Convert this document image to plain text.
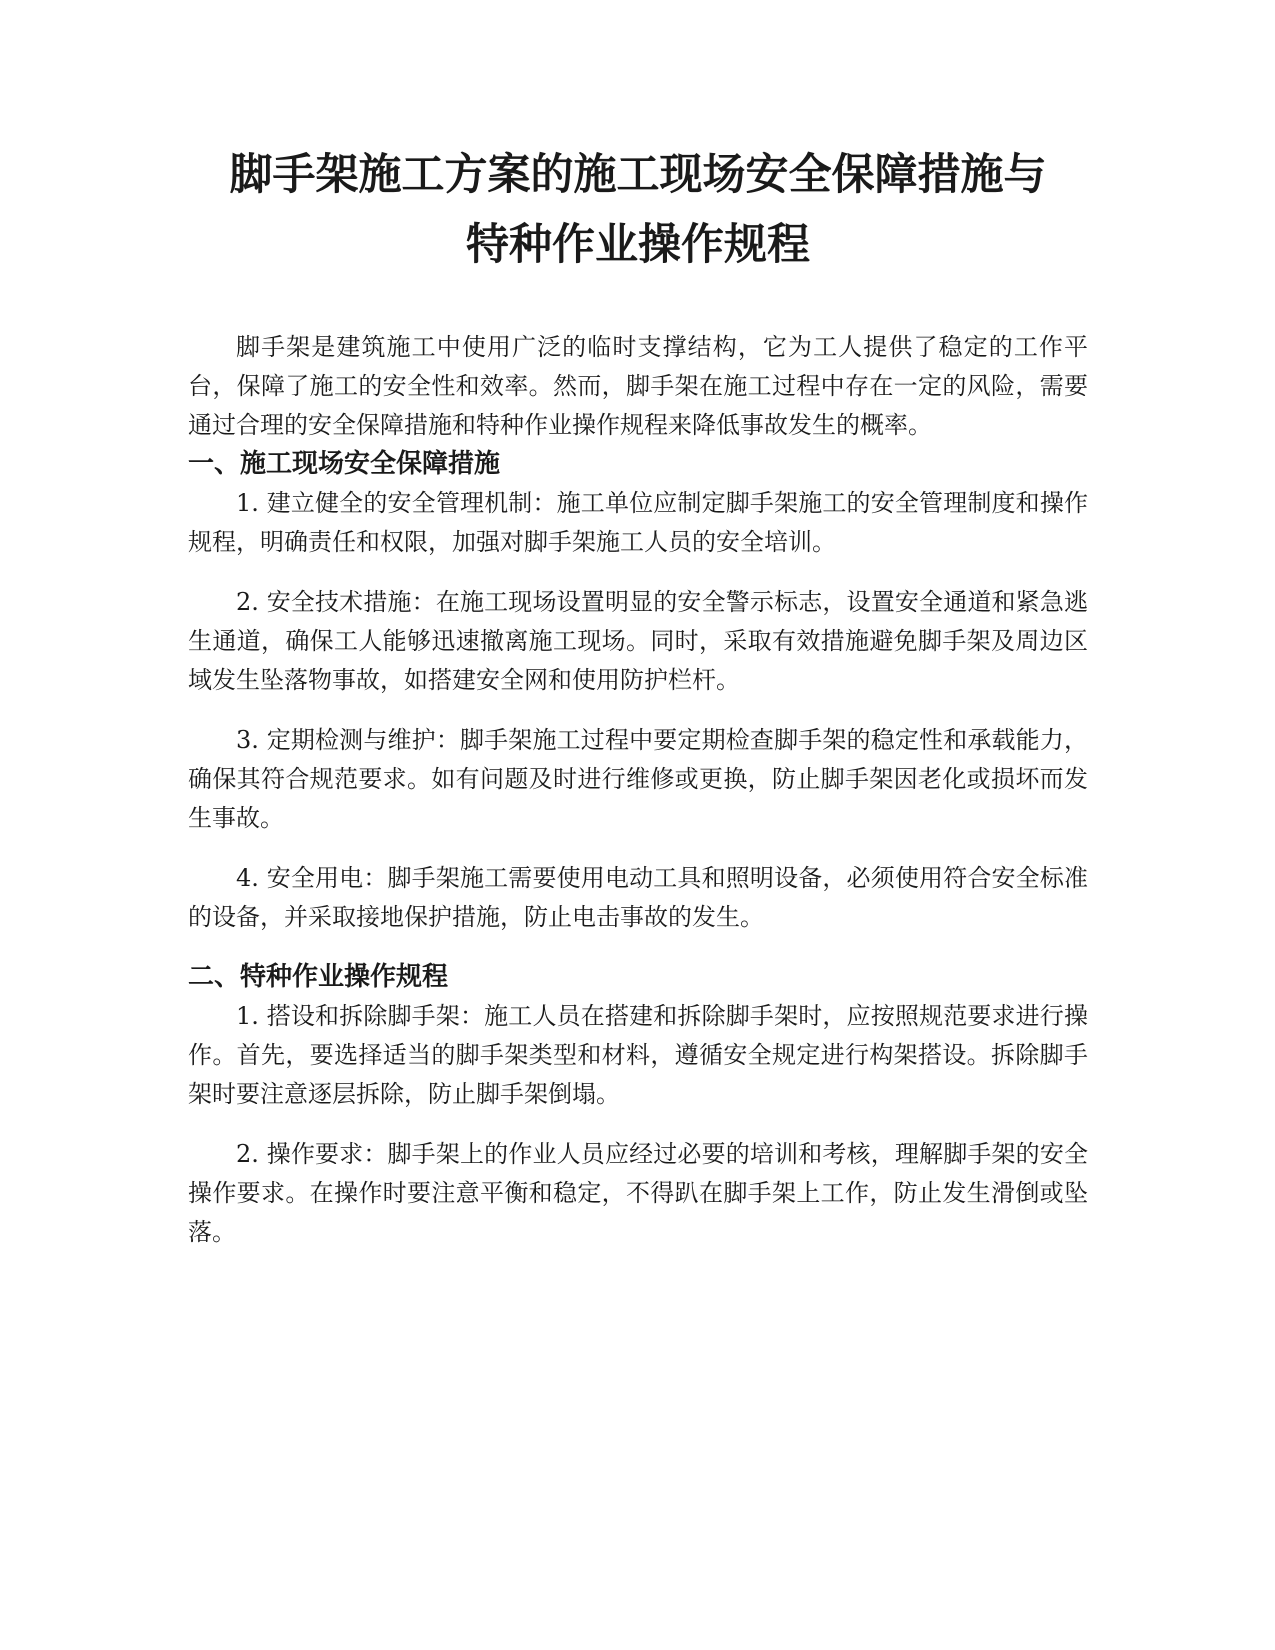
脚手架施工方案的施工现场安全保障措施与
特种作业操作规程

脚手架是建筑施工中使用广泛的临时支撑结构，它为工人提供了稳定的工作平台，保障了施工的安全性和效率。然而，脚手架在施工过程中存在一定的风险，需要通过合理的安全保障措施和特种作业操作规程来降低事故发生的概率。

一、施工现场安全保障措施

1. 建立健全的安全管理机制：施工单位应制定脚手架施工的安全管理制度和操作规程，明确责任和权限，加强对脚手架施工人员的安全培训。

2. 安全技术措施：在施工现场设置明显的安全警示标志，设置安全通道和紧急逃生通道，确保工人能够迅速撤离施工现场。同时，采取有效措施避免脚手架及周边区域发生坠落物事故，如搭建安全网和使用防护栏杆。

3. 定期检测与维护：脚手架施工过程中要定期检查脚手架的稳定性和承载能力，确保其符合规范要求。如有问题及时进行维修或更换，防止脚手架因老化或损坏而发生事故。

4. 安全用电：脚手架施工需要使用电动工具和照明设备，必须使用符合安全标准的设备，并采取接地保护措施，防止电击事故的发生。

二、特种作业操作规程

1. 搭设和拆除脚手架：施工人员在搭建和拆除脚手架时，应按照规范要求进行操作。首先，要选择适当的脚手架类型和材料，遵循安全规定进行构架搭设。拆除脚手架时要注意逐层拆除，防止脚手架倒塌。

2. 操作要求：脚手架上的作业人员应经过必要的培训和考核，理解脚手架的安全操作要求。在操作时要注意平衡和稳定，不得趴在脚手架上工作，防止发生滑倒或坠落。
